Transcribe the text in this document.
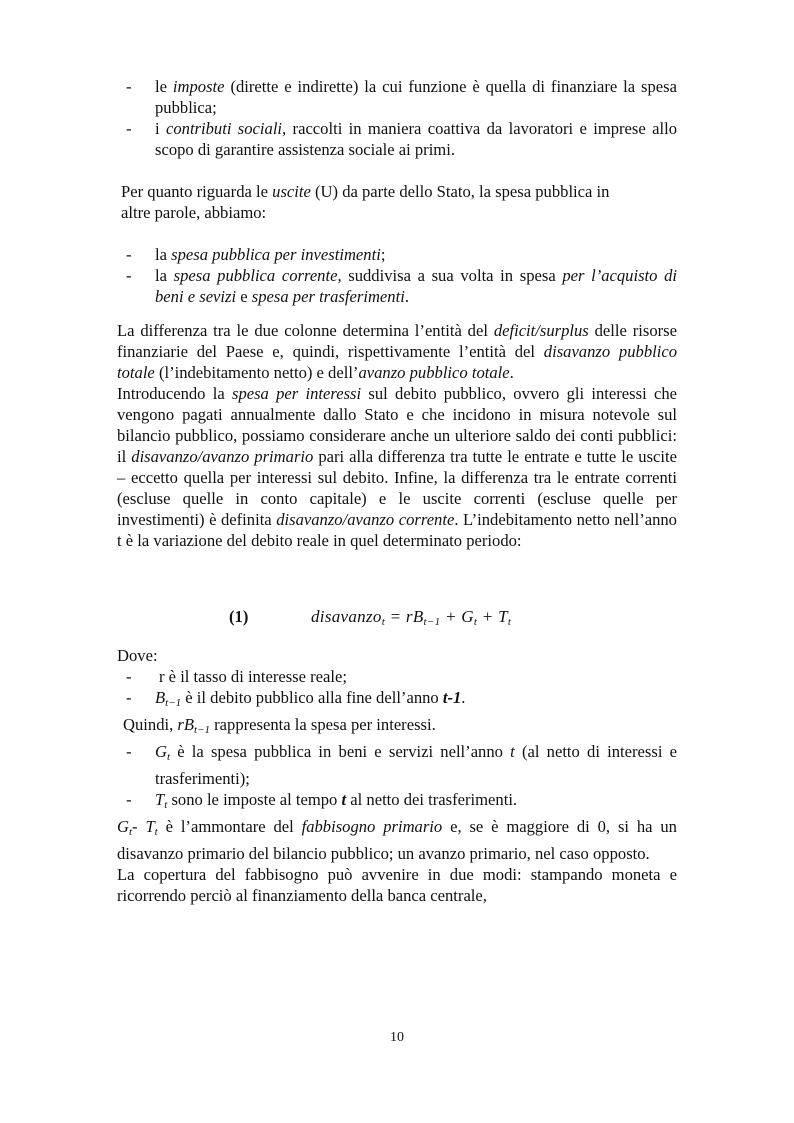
- le imposte (dirette e indirette) la cui funzione è quella di finanziare la spesa pubblica;
- i contributi sociali, raccolti in maniera coattiva da lavoratori e imprese allo scopo di garantire assistenza sociale ai primi.

Per quanto riguarda le uscite (U) da parte dello Stato, la spesa pubblica in altre parole, abbiamo:

- la spesa pubblica per investimenti;
- la spesa pubblica corrente, suddivisa a sua volta in spesa per l’acquisto di beni e sevizi e spesa per trasferimenti.

La differenza tra le due colonne determina l’entità del deficit/surplus delle risorse finanziarie del Paese e, quindi, rispettivamente l’entità del disavanzo pubblico totale (l’indebitamento netto) e dell’avanzo pubblico totale.

Introducendo la spesa per interessi sul debito pubblico, ovvero gli interessi che vengono pagati annualmente dallo Stato e che incidono in misura notevole sul bilancio pubblico, possiamo considerare anche un ulteriore saldo dei conti pubblici: il disavanzo/avanzo primario pari alla differenza tra tutte le entrate e tutte le uscite – eccetto quella per interessi sul debito. Infine, la differenza tra le entrate correnti (escluse quelle in conto capitale) e le uscite correnti (escluse quelle per investimenti) è definita disavanzo/avanzo corrente. L’indebitamento netto nell’anno t è la variazione del debito reale in quel determinato periodo:

(1)	disavanzo$_t$ = $rB_{t-1} + G_t + T_t$

Dove:

- r è il tasso di interesse reale;
- $B_{t-1}$ è il debito pubblico alla fine dell’anno t-1.

Quindi, $rB_{t-1}$ rappresenta la spesa per interessi.

- $G_t$ è la spesa pubblica in beni e servizi nell’anno t (al netto di interessi e trasferimenti);
- $T_t$ sono le imposte al tempo t al netto dei trasferimenti.

$G_t-$ $T_t$ è l’ammontare del fabbisogno primario e, se è maggiore di 0, si ha un disavanzo primario del bilancio pubblico; un avanzo primario, nel caso opposto.

La copertura del fabbisogno può avvenire in due modi: stampando moneta e ricorrendo perciò al finanziamento della banca centrale,

10
